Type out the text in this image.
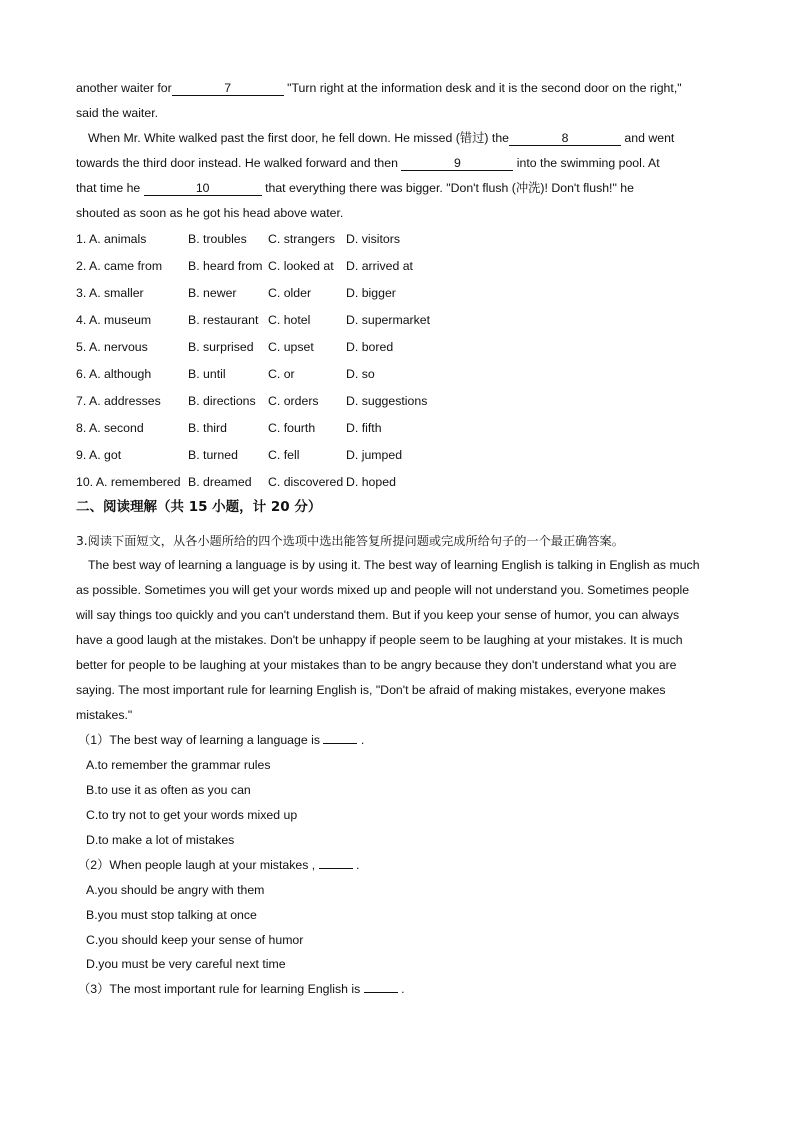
another waiter for	7	"Turn right at the information desk and it is the second door on the right,"
said the waiter.
When Mr. White walked past the first door, he fell down. He missed (错过) the	8	and went
towards the third door instead. He walked forward and then	9	into the swimming pool. At
that time he	10	that everything there was bigger. "Don't flush (冲洗)! Don't flush!" he
shouted as soon as he got his head above water.
1. A. animals	B. troubles C. strangers D. visitors
2. A. came from B. heard from C. looked at D. arrived at
3. A. smaller	B. newer	C. older	D. bigger
4. A. museum	B. restaurant C. hotel	D. supermarket
5. A. nervous	B. surprised C. upset	D. bored
6. A. although	B. until	C. or	D. so
7. A. addresses B. directions C. orders D. suggestions
8. A. second	B. third	C. fourth	D. fifth
9. A. got	B. turned C. fell	D. jumped
10. A. remembered B. dreamed C. discovered D. hoped
二、阅读理解（共 15 小题，计 20 分）
3.阅读下面短文，从各小题所给的四个选项中选出能答复所提问题或完成所给句子的一个最正确答案。
The best way of learning a language is by using it. The best way of learning English is talking in English as much
as possible. Sometimes you will get your words mixed up and people will not understand you. Sometimes people
will say things too quickly and you can't understand them. But if you keep your sense of humor, you can always
have a good laugh at the mistakes. Don't be unhappy if people seem to be laughing at your mistakes. It is much
better for people to be laughing at your mistakes than to be angry because they don't understand what you are
saying. The most important rule for learning English is, "Don't be afraid of making mistakes, everyone makes
mistakes."
（1）The best way of learning a language is	.
A.to remember the grammar rules
B.to use it as often as you can
C.to try not to get your words mixed up
D.to make a lot of mistakes
（2）When people laugh at your mistakes ,	.
A.you should be angry with them
B.you must stop talking at once
C.you should keep your sense of humor
D.you must be very careful next time
（3）The most important rule for learning English is	.
